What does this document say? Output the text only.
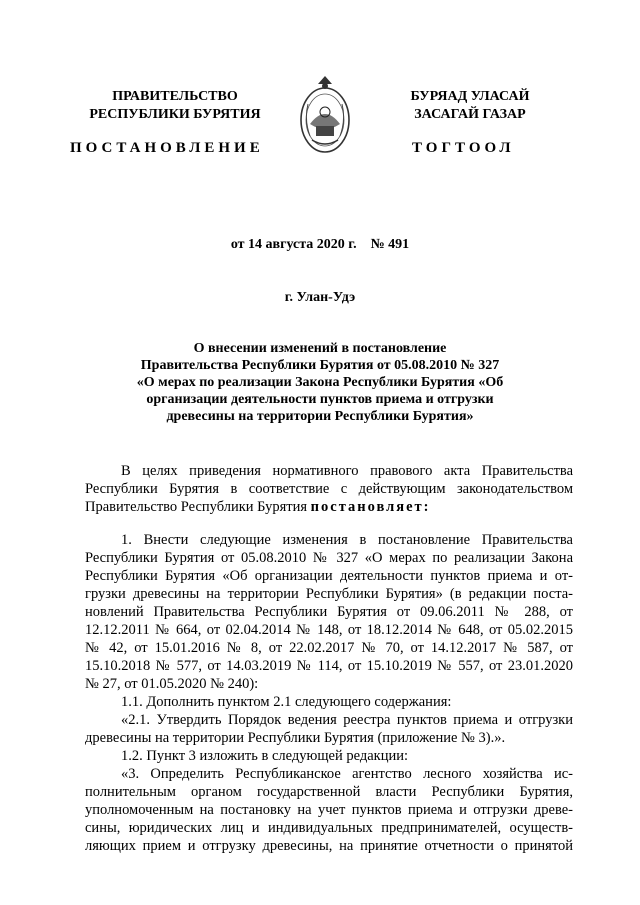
ПРАВИТЕЛЬСТВО
РЕСПУБЛИКИ БУРЯТИЯ
БУРЯАД УЛАСАЙ
ЗАСАГАЙ ГАЗАР
ПОСТАНОВЛЕНИЕ	ТОГТООЛ
от 14 августа 2020 г.    № 491
г. Улан-Удэ
О внесении изменений в постановление
Правительства Республики Бурятия от 05.08.2010 № 327
«О мерах по реализации Закона Республики Бурятия «Об
организации деятельности пунктов приема и отгрузки
древесины на территории Республики Бурятия»
В целях приведения нормативного правового акта Правительства
Республики Бурятия в соответствие с действующим законодательством
Правительство Республики Бурятия постановляет:
1. Внести следующие изменения в постановление Правительства
Республики Бурятия от 05.08.2010 № 327 «О мерах по реализации Закона
Республики Бурятия «Об организации деятельности пунктов приема и от-
грузки древесины на территории Республики Бурятия» (в редакции поста-
новлений Правительства Республики Бурятия от 09.06.2011 № 288, от
12.12.2011 № 664, от 02.04.2014 № 148, от 18.12.2014 № 648, от 05.02.2015
№ 42, от 15.01.2016 № 8, от 22.02.2017 № 70, от 14.12.2017 № 587, от
15.10.2018 № 577, от 14.03.2019 № 114, от 15.10.2019 № 557, от 23.01.2020
№ 27, от 01.05.2020 № 240):
1.1. Дополнить пунктом 2.1 следующего содержания:
«2.1. Утвердить Порядок ведения реестра пунктов приема и отгрузки
древесины на территории Республики Бурятия (приложение № 3).».
1.2. Пункт 3 изложить в следующей редакции:
«3. Определить Республиканское агентство лесного хозяйства ис-
полнительным органом государственной власти Республики Бурятия,
уполномоченным на постановку на учет пунктов приема и отгрузки древе-
сины, юридических лиц и индивидуальных предпринимателей, осуществ-
ляющих прием и отгрузку древесины, на принятие отчетности о принятой
